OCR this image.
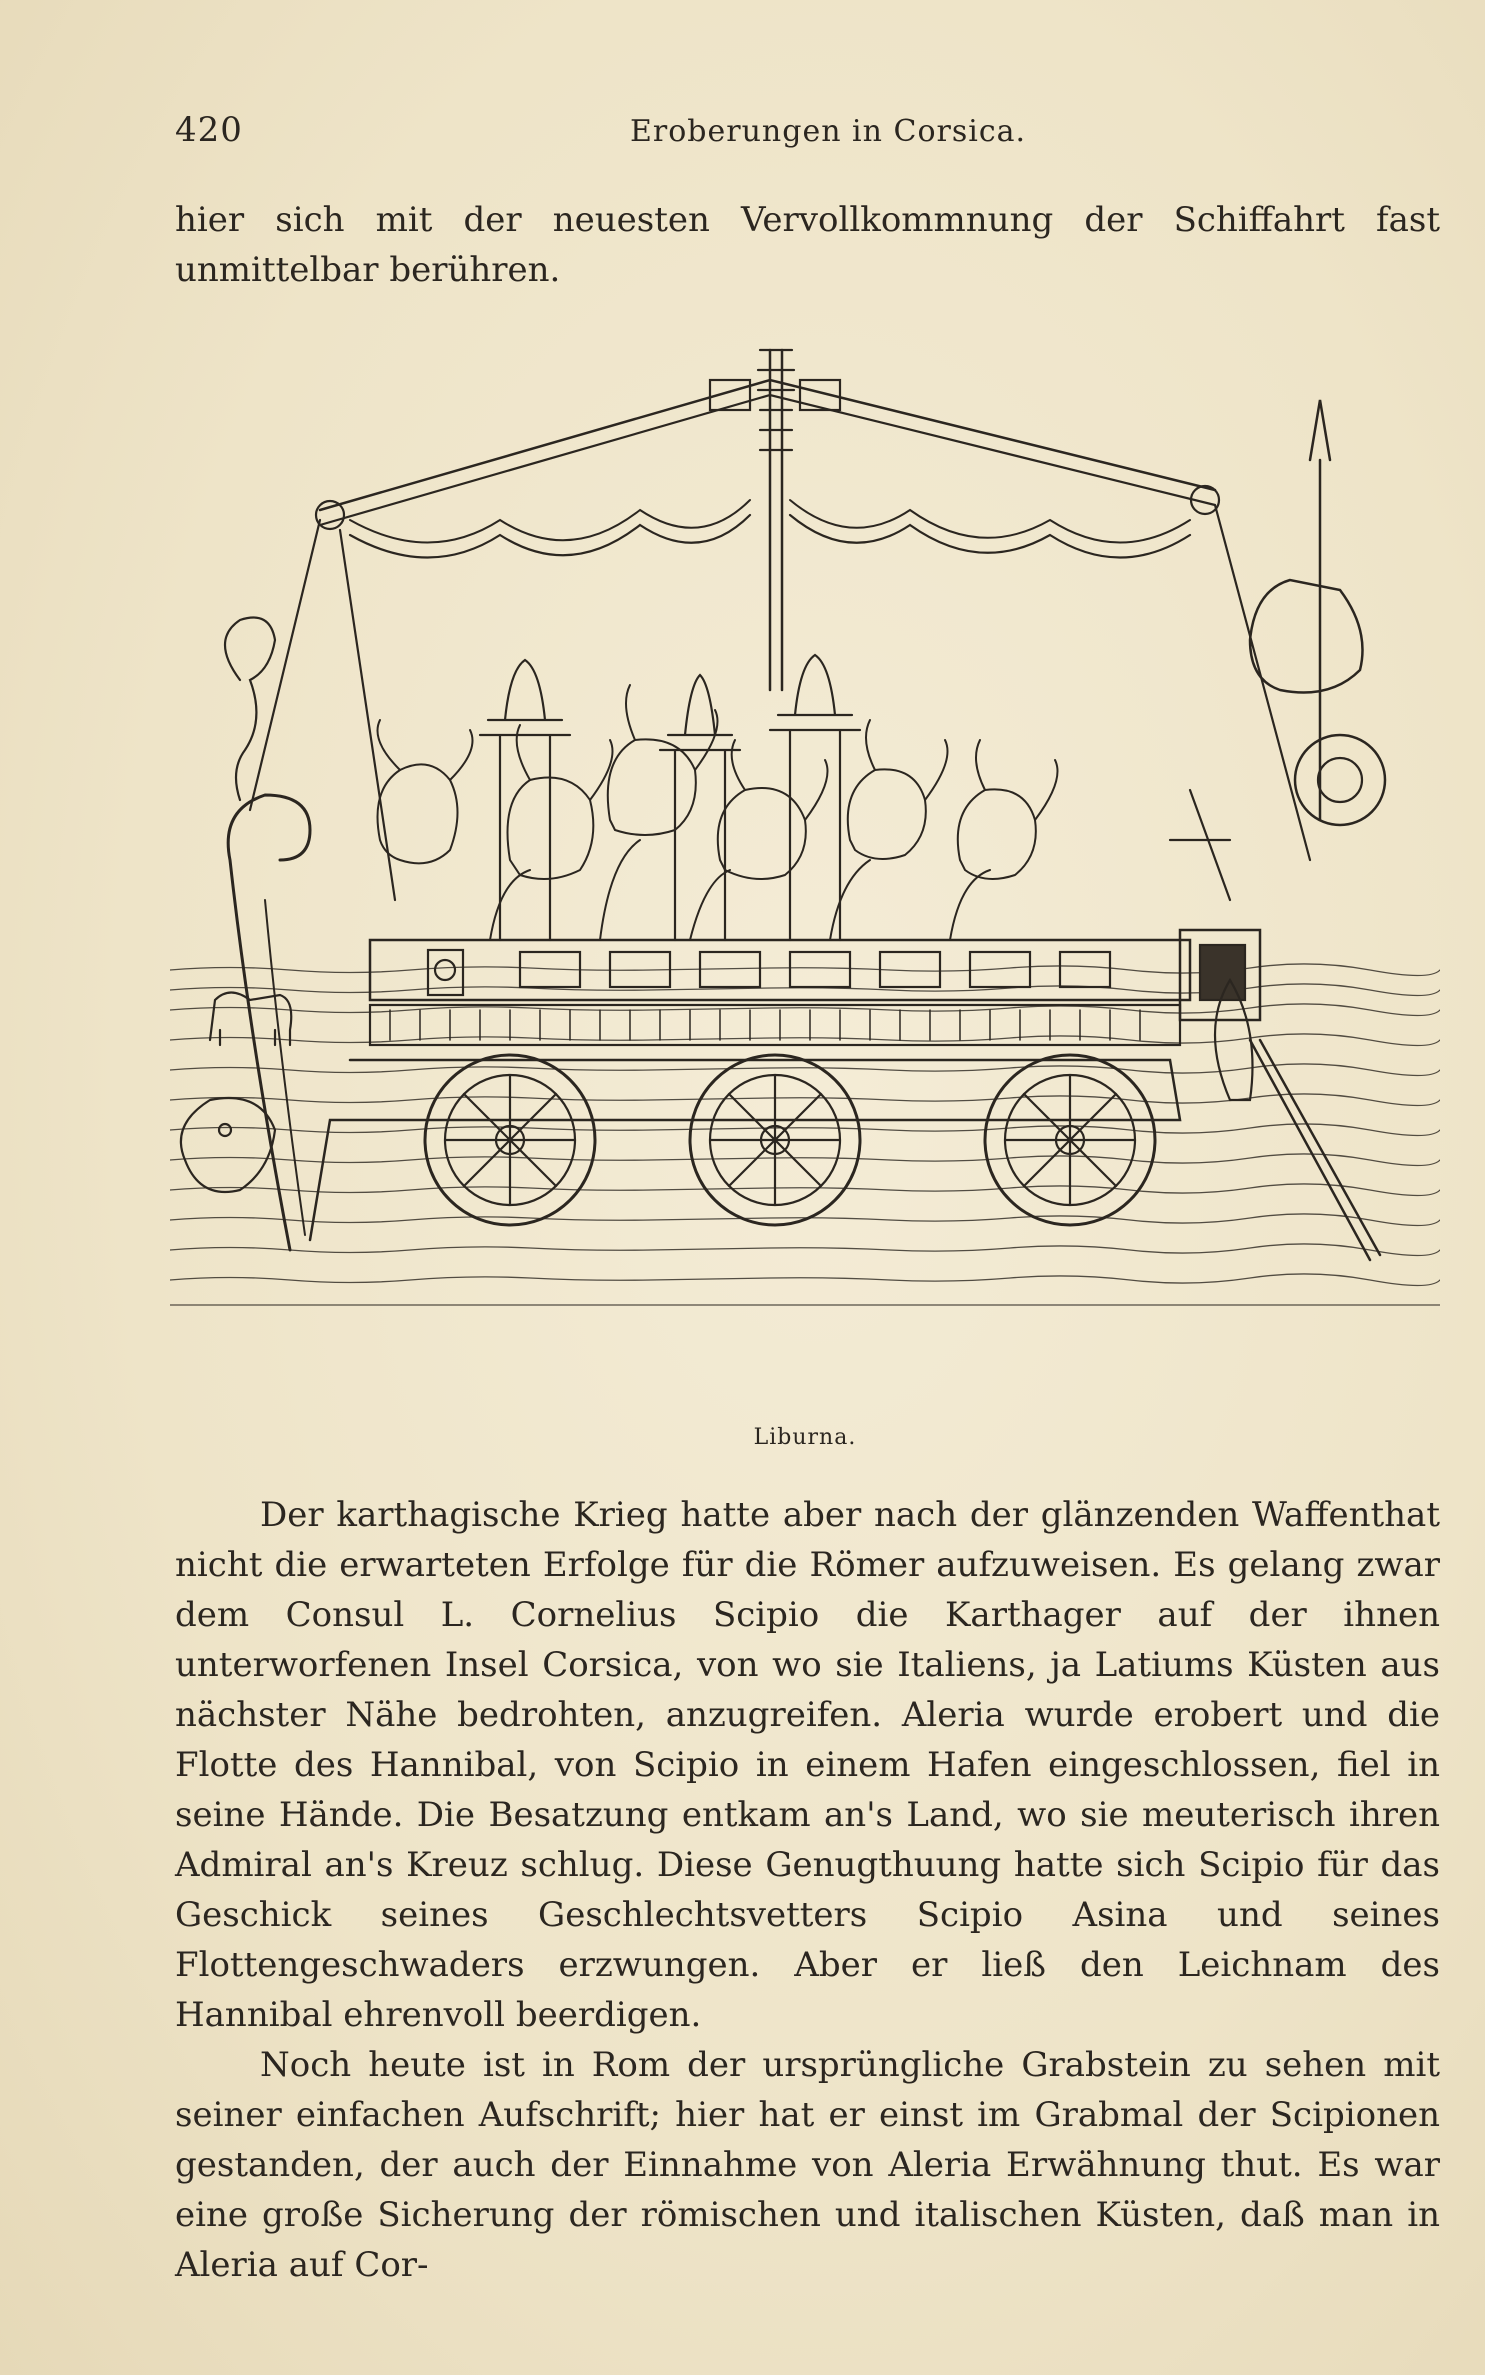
420	Eroberungen in Corsica.

hier sich mit der neuesten Vervollkommnung der Schiffahrt fast unmittelbar berühren.

Liburna.

Der karthagische Krieg hatte aber nach der glänzenden Waffenthat nicht die erwarteten Erfolge für die Römer aufzuweisen. Es gelang zwar dem Consul L. Cornelius Scipio die Karthager auf der ihnen unterworfenen Insel Corsica, von wo sie Italiens, ja Latiums Küsten aus nächster Nähe bedrohten, anzugreifen. Aleria wurde erobert und die Flotte des Hannibal, von Scipio in einem Hafen eingeschlossen, fiel in seine Hände. Die Besatzung entkam an's Land, wo sie meuterisch ihren Admiral an's Kreuz schlug. Diese Genugthuung hatte sich Scipio für das Geschick seines Geschlechtsvetters Scipio Asina und seines Flottengeschwaders erzwungen. Aber er ließ den Leichnam des Hannibal ehrenvoll beerdigen.

Noch heute ist in Rom der ursprüngliche Grabstein zu sehen mit seiner einfachen Aufschrift; hier hat er einst im Grabmal der Scipionen gestanden, der auch der Einnahme von Aleria Erwähnung thut. Es war eine große Sicherung der römischen und italischen Küsten, daß man in Aleria auf Cor-
